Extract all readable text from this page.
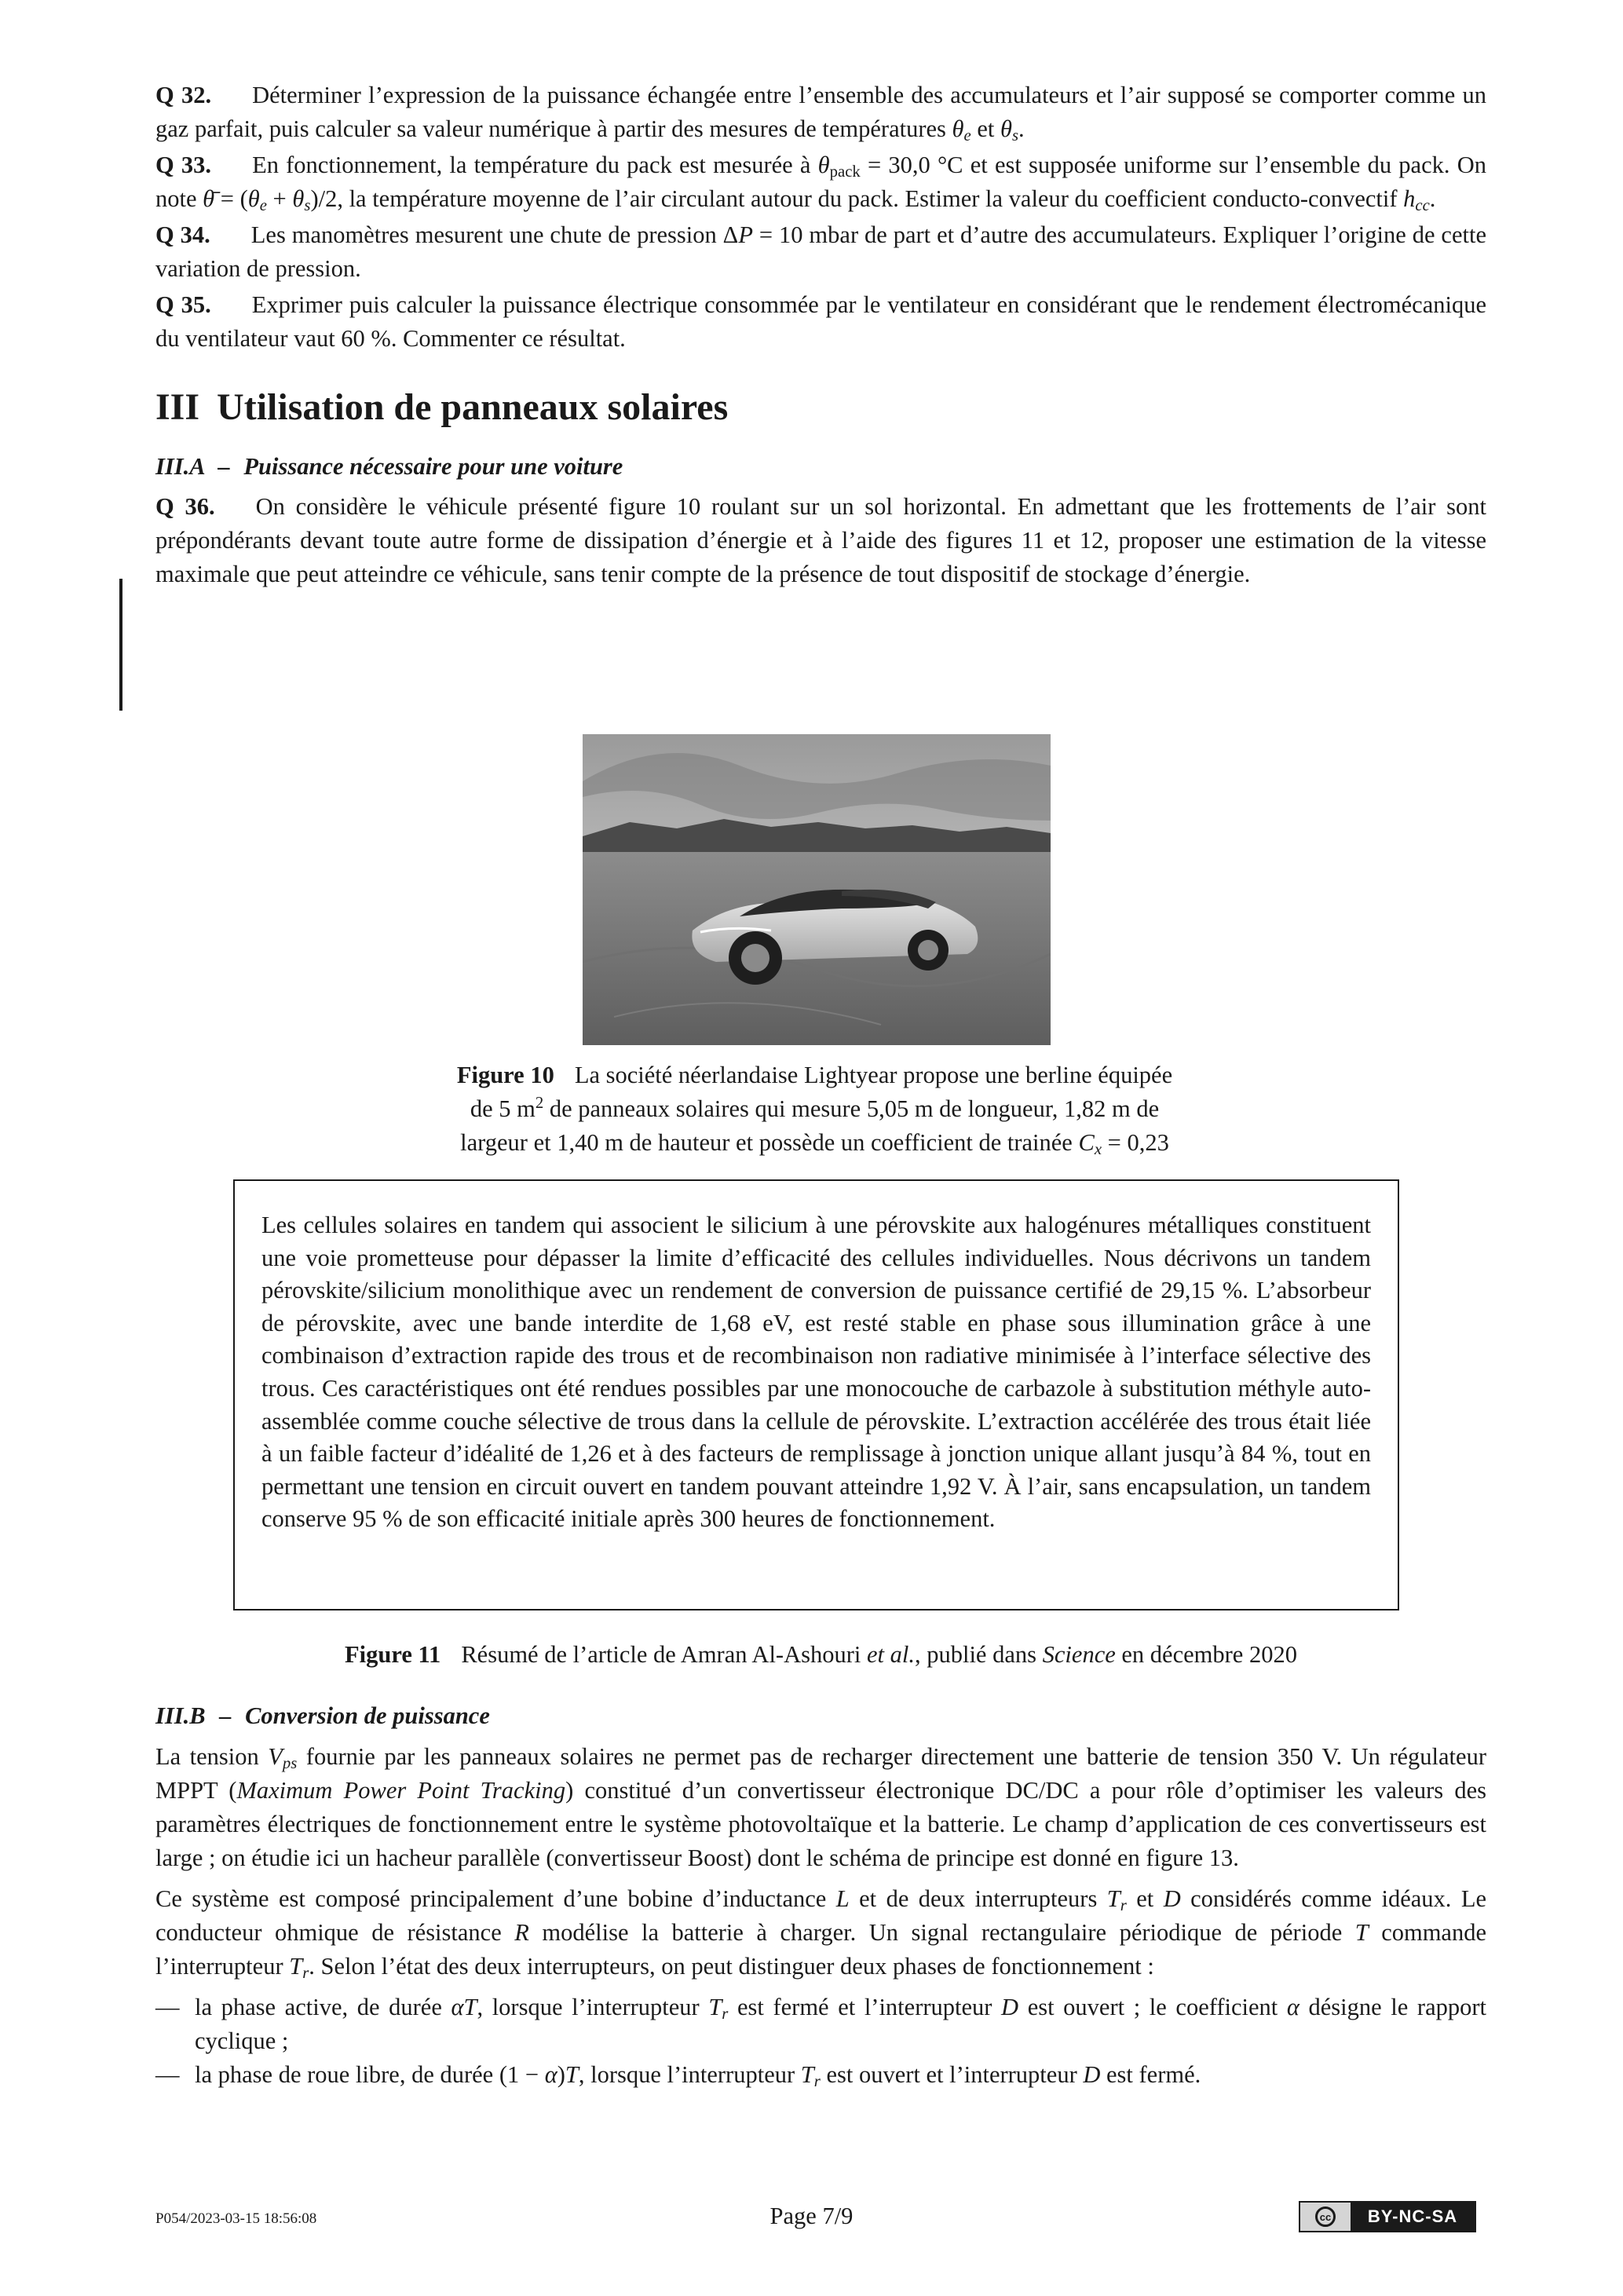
Q 32. Déterminer l’expression de la puissance échangée entre l’ensemble des accumulateurs et l’air supposé se comporter comme un gaz parfait, puis calculer sa valeur numérique à partir des mesures de températures $\theta_e$ et $\theta_s$.

Q 33. En fonctionnement, la température du pack est mesurée à $\theta_{pack} = 30,0$ °C et est supposée uniforme sur l’ensemble du pack. On note θ̄ = $(\theta_e + \theta_s)/2$, la température moyenne de l’air circulant autour du pack. Estimer la valeur du coefficient conducto-convectif $h_{cc}$.

Q 34. Les manomètres mesurent une chute de pression ΔP = 10 mbar de part et d’autre des accumulateurs. Expliquer l’origine de cette variation de pression.

Q 35. Exprimer puis calculer la puissance électrique consommée par le ventilateur en considérant que le rendement électromécanique du ventilateur vaut 60 %. Commenter ce résultat.

III Utilisation de panneaux solaires

III.A – Puissance nécessaire pour une voiture

Q 36. On considère le véhicule présenté figure 10 roulant sur un sol horizontal. En admettant que les frottements de l’air sont prépondérants devant toute autre forme de dissipation d’énergie et à l’aide des figures 11 et 12, proposer une estimation de la vitesse maximale que peut atteindre ce véhicule, sans tenir compte de la présence de tout dispositif de stockage d’énergie.

Figure 10 La société néerlandaise Lightyear propose une berline équipée
de 5 $m^2$ de panneaux solaires qui mesure 5,05 m de longueur, 1,82 m de
largeur et 1,40 m de hauteur et possède un coefficient de trainée $C_x = 0,23$

Les cellules solaires en tandem qui associent le silicium à une pérovskite aux halogénures métalliques constituent une voie prometteuse pour dépasser la limite d’efficacité des cellules individuelles. Nous décrivons un tandem pérovskite/silicium monolithique avec un rendement de conversion de puissance certifié de 29,15 %. L’absorbeur de pérovskite, avec une bande interdite de 1,68 eV, est resté stable en phase sous illumination grâce à une combinaison d’extraction rapide des trous et de recombinaison non radiative minimisée à l’interface sélective des trous. Ces caractéristiques ont été rendues possibles par une monocouche de carbazole à substitution méthyle auto-assemblée comme couche sélective de trous dans la cellule de pérovskite. L’extraction accélérée des trous était liée à un faible facteur d’idéalité de 1,26 et à des facteurs de remplissage à jonction unique allant jusqu’à 84 %, tout en permettant une tension en circuit ouvert en tandem pouvant atteindre 1,92 V. À l’air, sans encapsulation, un tandem conserve 95 % de son efficacité initiale après 300 heures de fonctionnement.

Figure 11 Résumé de l’article de Amran Al-Ashouri et al., publié dans Science en décembre 2020

III.B – Conversion de puissance

La tension $V_{ps}$ fournie par les panneaux solaires ne permet pas de recharger directement une batterie de tension 350 V. Un régulateur MPPT (Maximum Power Point Tracking) constitué d’un convertisseur électronique DC/DC a pour rôle d’optimiser les valeurs des paramètres électriques de fonctionnement entre le système photovoltaïque et la batterie. Le champ d’application de ces convertisseurs est large ; on étudie ici un hacheur parallèle (convertisseur Boost) dont le schéma de principe est donné en figure 13.

Ce système est composé principalement d’une bobine d’inductance L et de deux interrupteurs $T_r$ et D considérés comme idéaux. Le conducteur ohmique de résistance R modélise la batterie à charger. Un signal rectangulaire périodique de période T commande l’interrupteur $T_r$. Selon l’état des deux interrupteurs, on peut distinguer deux phases de fonctionnement :

— la phase active, de durée αT, lorsque l’interrupteur $T_r$ est fermé et l’interrupteur D est ouvert ; le coefficient α désigne le rapport cyclique ;
— la phase de roue libre, de durée (1 − α)T, lorsque l’interrupteur $T_r$ est ouvert et l’interrupteur D est fermé.
P054/2023-03-15 18:56:08	Page 7/9	cc	BY-NC-SA
